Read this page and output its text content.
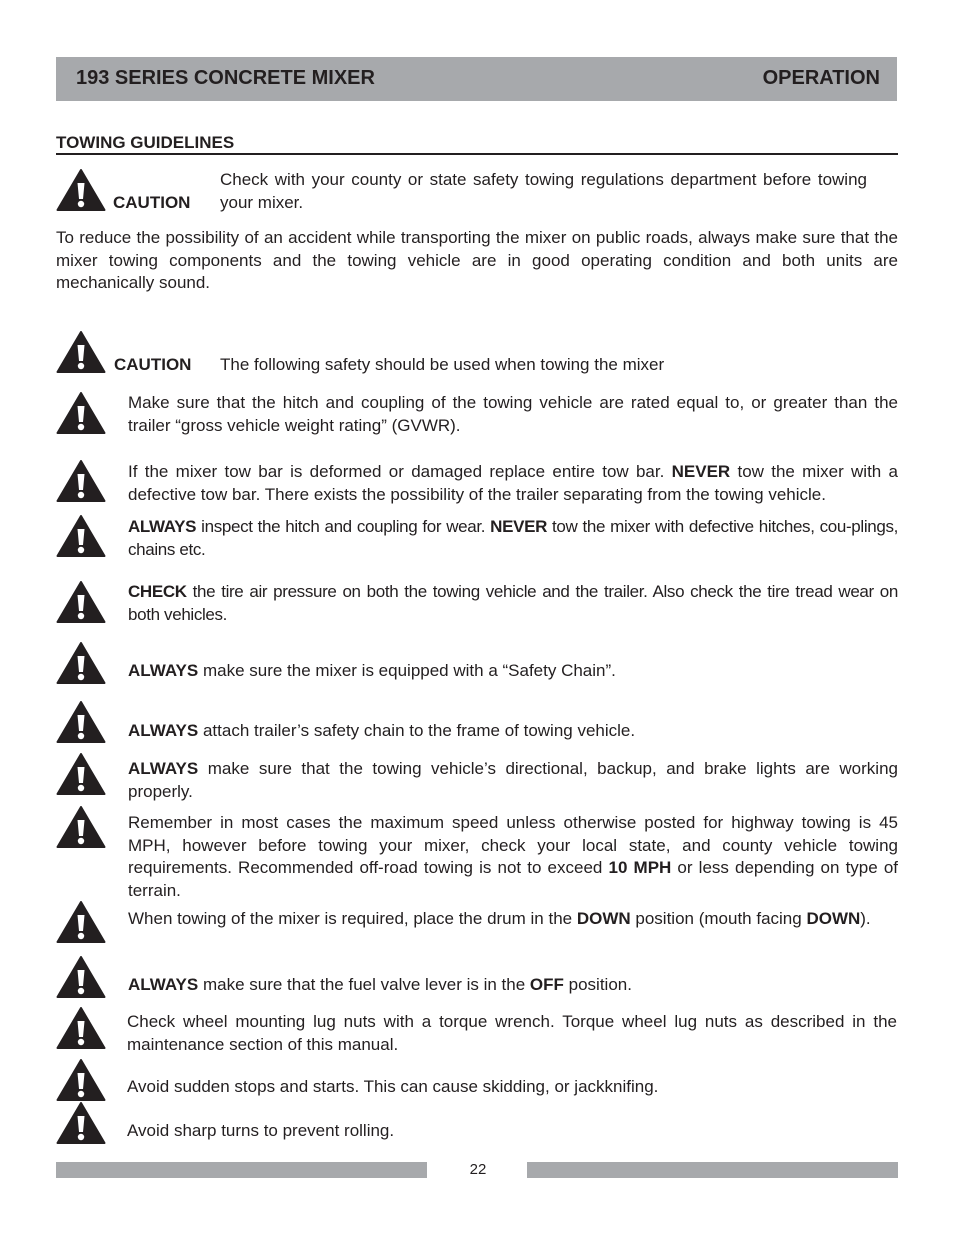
193 SERIES CONCRETE MIXER	OPERATION
TOWING GUIDELINES
CAUTION
Check with your county or state safety towing regulations department before towing your mixer.
To reduce the possibility of an accident while transporting the mixer on public roads, always make sure that the mixer towing components and the towing vehicle are in good operating condition and both units are mechanically sound.
CAUTION The following safety should be used when towing the mixer
Make sure that the hitch and coupling of the towing vehicle are rated equal to, or greater than the trailer “gross vehicle weight rating” (GVWR).
If the mixer tow bar is deformed or damaged replace entire tow bar. NEVER tow the mixer with a defective tow bar. There exists the possibility of the trailer separating from the towing vehicle.
ALWAYS inspect the hitch and coupling for wear. NEVER tow the mixer with defective hitches, cou-plings, chains etc.
CHECK the tire air pressure on both the towing vehicle and the trailer. Also check the tire tread wear on both vehicles.
ALWAYS make sure the mixer is equipped with a “Safety Chain”.
ALWAYS attach trailer’s safety chain to the frame of towing vehicle.
ALWAYS make sure that the towing vehicle’s directional, backup, and brake lights are working properly.
Remember in most cases the maximum speed unless otherwise posted for highway towing is 45 MPH, however before towing your mixer, check your local state, and county vehicle towing requirements. Recommended off-road towing is not to exceed 10 MPH or less depending on type of terrain.
When towing of the mixer is required, place the drum in the DOWN position (mouth facing DOWN).
ALWAYS make sure that the fuel valve lever is in the OFF position.
Check wheel mounting lug nuts with a torque wrench. Torque wheel lug nuts as described in the maintenance section of this manual.
Avoid sudden stops and starts. This can cause skidding, or jackknifing.
Avoid sharp turns to prevent rolling.
22
